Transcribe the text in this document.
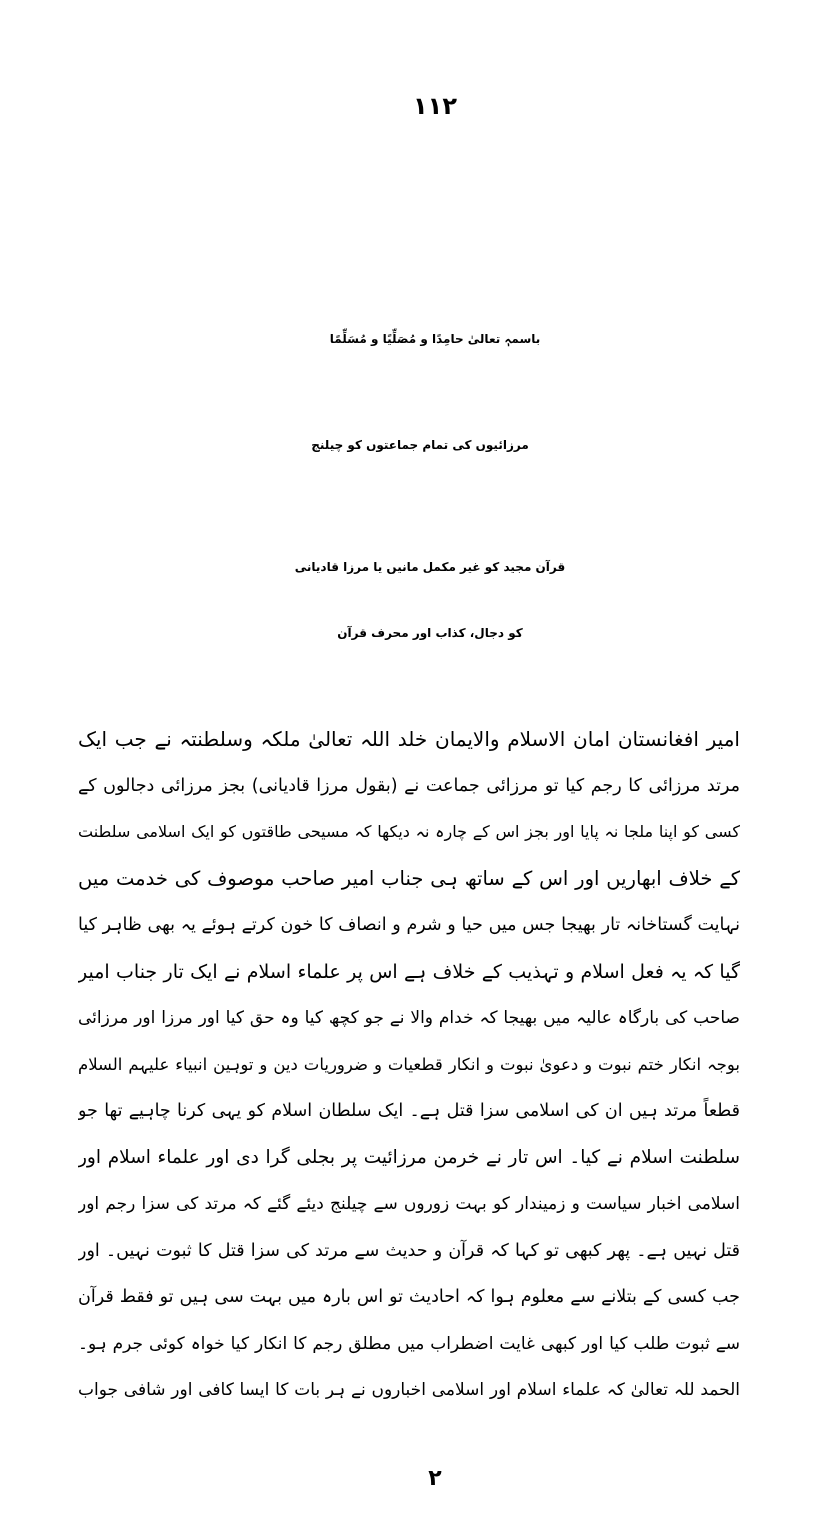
۱۱۲
باسمہٖ تعالیٰ حامِدًا و مُصَلِّیًا و مُسَلِّمًا
مرزائیوں کی تمام جماعتوں کو چیلنج
قرآن مجید کو غیر مکمل مانیں یا مرزا قادیانی
کو دجال، کذاب اور محرف قرآن
امیر افغانستان امان الاسلام والایمان خلد اللہ تعالیٰ ملکہ وسلطنتہ نے جب ایک
مرتد مرزائی کا رجم کیا تو مرزائی جماعت نے (بقول مرزا قادیانی) بجز مرزائی دجالوں کے
کسی کو اپنا ملجا نہ پایا اور بجز اس کے چارہ نہ دیکھا کہ مسیحی طاقتوں کو ایک اسلامی سلطنت
کے خلاف ابھاریں اور اس کے ساتھ ہی جناب امیر صاحب موصوف کی خدمت میں
نہایت گستاخانہ تار بھیجا جس میں حیا و شرم و انصاف کا خون کرتے ہوئے یہ بھی ظاہر کیا
گیا کہ یہ فعل اسلام و تہذیب کے خلاف ہے اس پر علماء اسلام نے ایک تار جناب امیر
صاحب کی بارگاہ عالیہ میں بھیجا کہ خدام والا نے جو کچھ کیا وہ حق کیا اور مرزا اور مرزائی
بوجہ انکار ختم نبوت و دعویٰ نبوت و انکار قطعیات و ضروریات دین و توہین انبیاء علیہم السلام
قطعاً مرتد ہیں ان کی اسلامی سزا قتل ہے۔ ایک سلطان اسلام کو یہی کرنا چاہیے تھا جو
سلطنت اسلام نے کیا۔ اس تار نے خرمن مرزائیت پر بجلی گرا دی اور علماء اسلام اور
اسلامی اخبار سیاست و زمیندار کو بہت زوروں سے چیلنج دیئے گئے کہ مرتد کی سزا رجم اور
قتل نہیں ہے۔ پھر کبھی تو کہا کہ قرآن و حدیث سے مرتد کی سزا قتل کا ثبوت نہیں۔ اور
جب کسی کے بتلانے سے معلوم ہوا کہ احادیث تو اس بارہ میں بہت سی ہیں تو فقط قرآن
سے ثبوت طلب کیا اور کبھی غایت اضطراب میں مطلق رجم کا انکار کیا خواہ کوئی جرم ہو۔
الحمد للہ تعالیٰ کہ علماء اسلام اور اسلامی اخباروں نے ہر بات کا ایسا کافی اور شافی جواب
۲
